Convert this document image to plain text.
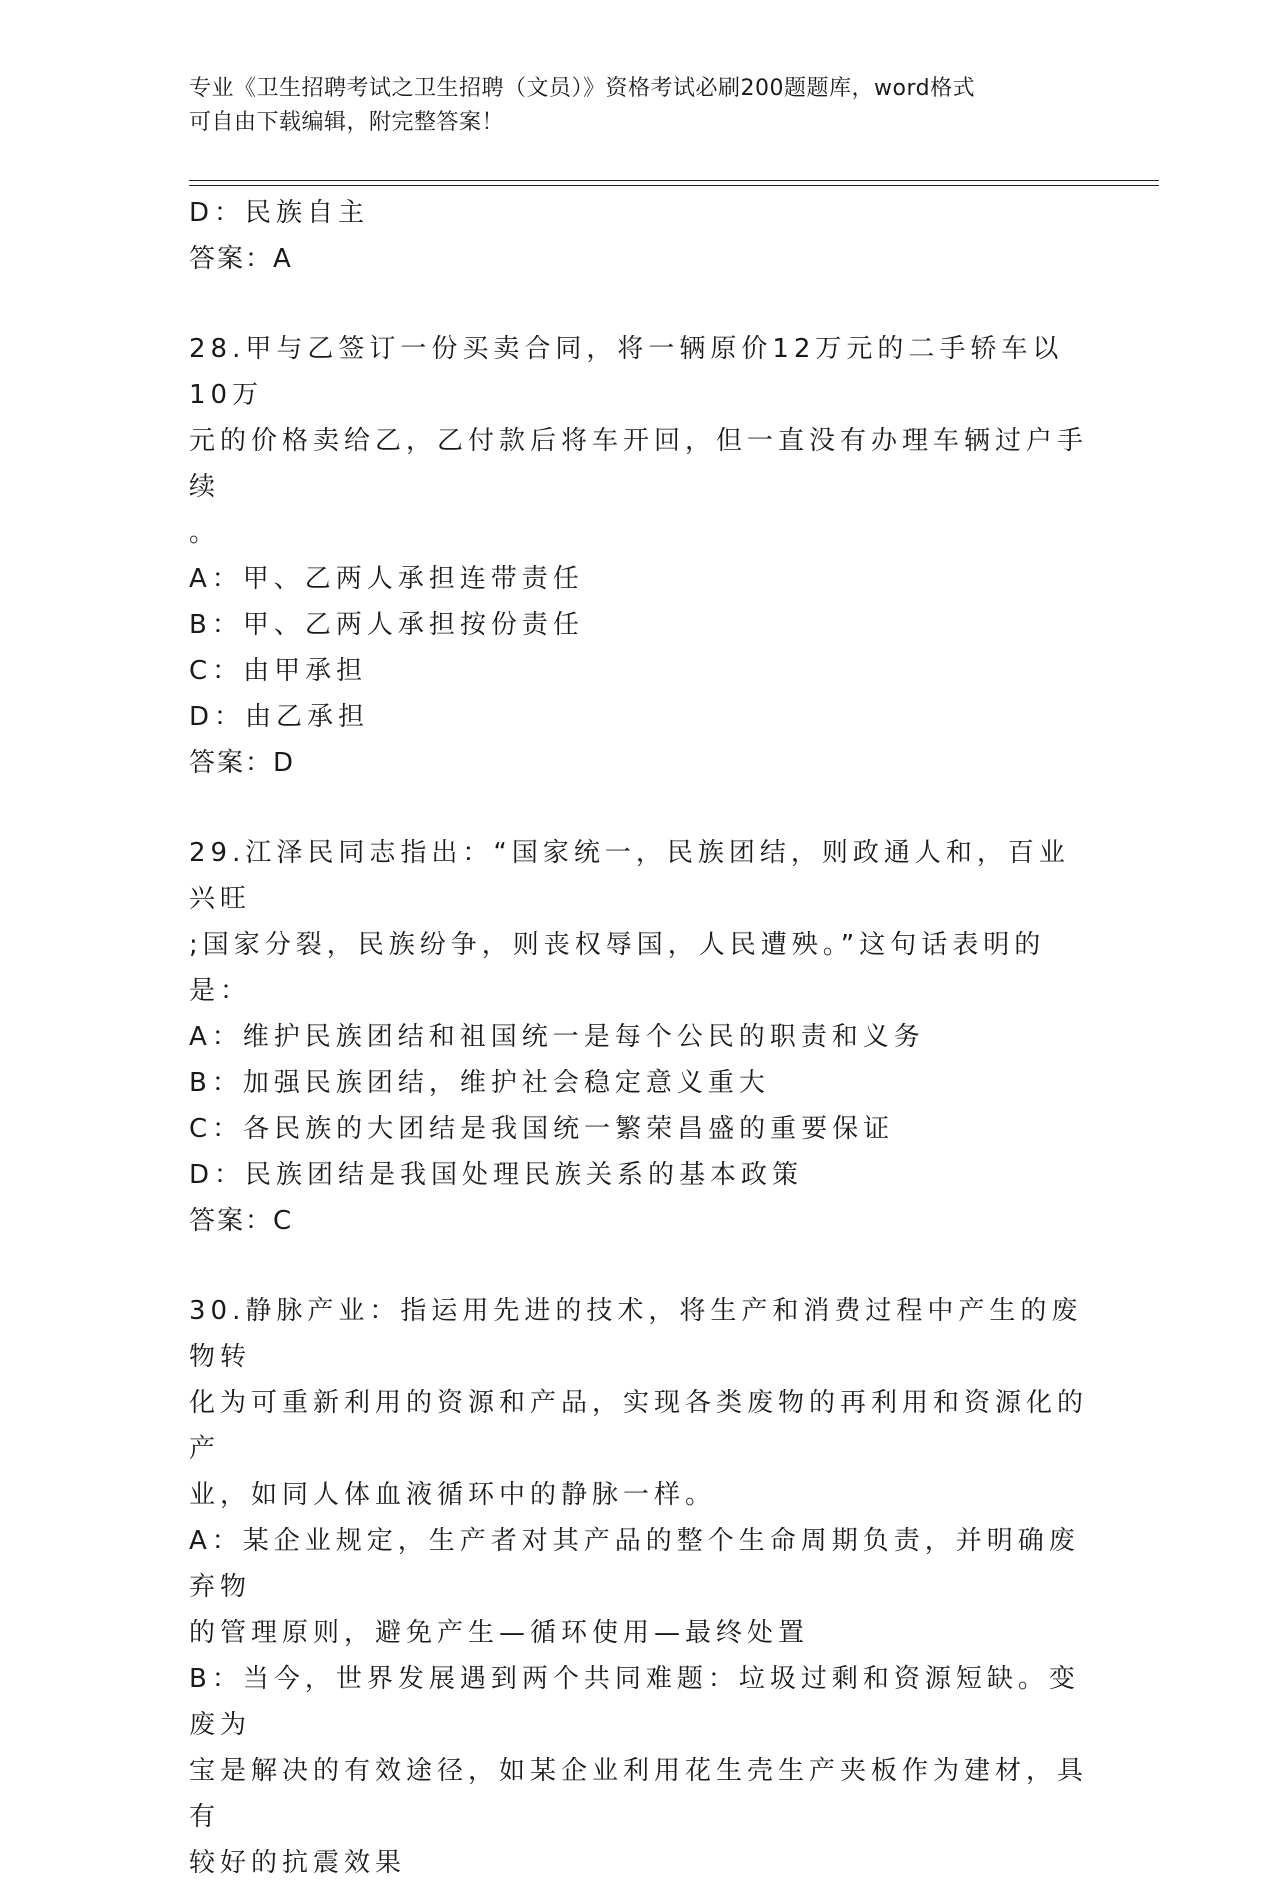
专业《卫生招聘考试之卫生招聘（文员）》资格考试必刷200题题库，word格式
可自由下载编辑，附完整答案！

D：民族自主

答案：A

28.甲与乙签订一份买卖合同，将一辆原价12万元的二手轿车以10万

元的价格卖给乙，乙付款后将车开回，但一直没有办理车辆过户手续

。

A：甲、乙两人承担连带责任

B：甲、乙两人承担按份责任

C：由甲承担

D：由乙承担

答案：D

29.江泽民同志指出：“国家统一，民族团结，则政通人和，百业兴旺

;国家分裂，民族纷争，则丧权辱国，人民遭殃。”这句话表明的是：

A：维护民族团结和祖国统一是每个公民的职责和义务

B：加强民族团结，维护社会稳定意义重大

C：各民族的大团结是我国统一繁荣昌盛的重要保证

D：民族团结是我国处理民族关系的基本政策

答案：C

30.静脉产业：指运用先进的技术，将生产和消费过程中产生的废物转

化为可重新利用的资源和产品，实现各类废物的再利用和资源化的产

业，如同人体血液循环中的静脉一样。

A：某企业规定，生产者对其产品的整个生命周期负责，并明确废弃物

的管理原则，避免产生—循环使用—最终处置

B：当今，世界发展遇到两个共同难题：垃圾过剩和资源短缺。变废为

宝是解决的有效途径，如某企业利用花生壳生产夹板作为建材，具有

较好的抗震效果
